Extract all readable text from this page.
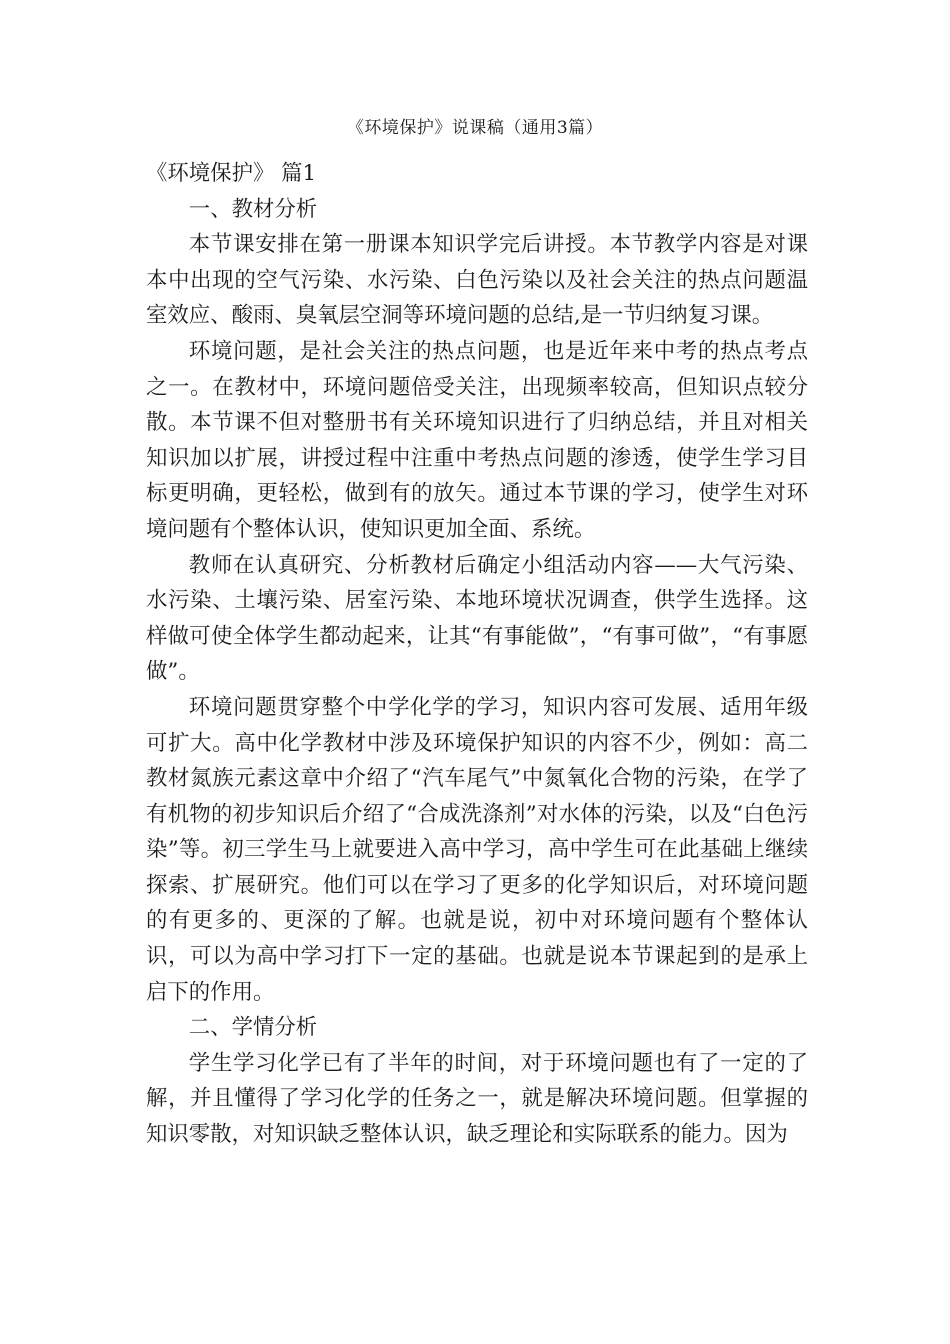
《环境保护》说课稿（通用3篇）

《环境保护》 篇1

一、教材分析

本节课安排在第一册课本知识学完后讲授。本节教学内容是对课本中出现的空气污染、水污染、白色污染以及社会关注的热点问题温室效应、酸雨、臭氧层空洞等环境问题的总结,是一节归纳复习课。

环境问题，是社会关注的热点问题，也是近年来中考的热点考点之一。在教材中，环境问题倍受关注，出现频率较高，但知识点较分散。本节课不但对整册书有关环境知识进行了归纳总结，并且对相关知识加以扩展，讲授过程中注重中考热点问题的渗透，使学生学习目标更明确，更轻松，做到有的放矢。通过本节课的学习，使学生对环境问题有个整体认识，使知识更加全面、系统。

教师在认真研究、分析教材后确定小组活动内容——大气污染、水污染、土壤污染、居室污染、本地环境状况调查，供学生选择。这样做可使全体学生都动起来，让其“有事能做”，“有事可做”，“有事愿做”。

环境问题贯穿整个中学化学的学习，知识内容可发展、适用年级可扩大。高中化学教材中涉及环境保护知识的内容不少，例如：高二教材氮族元素这章中介绍了“汽车尾气”中氮氧化合物的污染，在学了有机物的初步知识后介绍了“合成洗涤剂”对水体的污染，以及“白色污染”等。初三学生马上就要进入高中学习，高中学生可在此基础上继续探索、扩展研究。他们可以在学习了更多的化学知识后，对环境问题的有更多的、更深的了解。也就是说，初中对环境问题有个整体认识，可以为高中学习打下一定的基础。也就是说本节课起到的是承上启下的作用。

二、学情分析

学生学习化学已有了半年的时间，对于环境问题也有了一定的了解，并且懂得了学习化学的任务之一，就是解决环境问题。但掌握的知识零散，对知识缺乏整体认识，缺乏理论和实际联系的能力。因为
